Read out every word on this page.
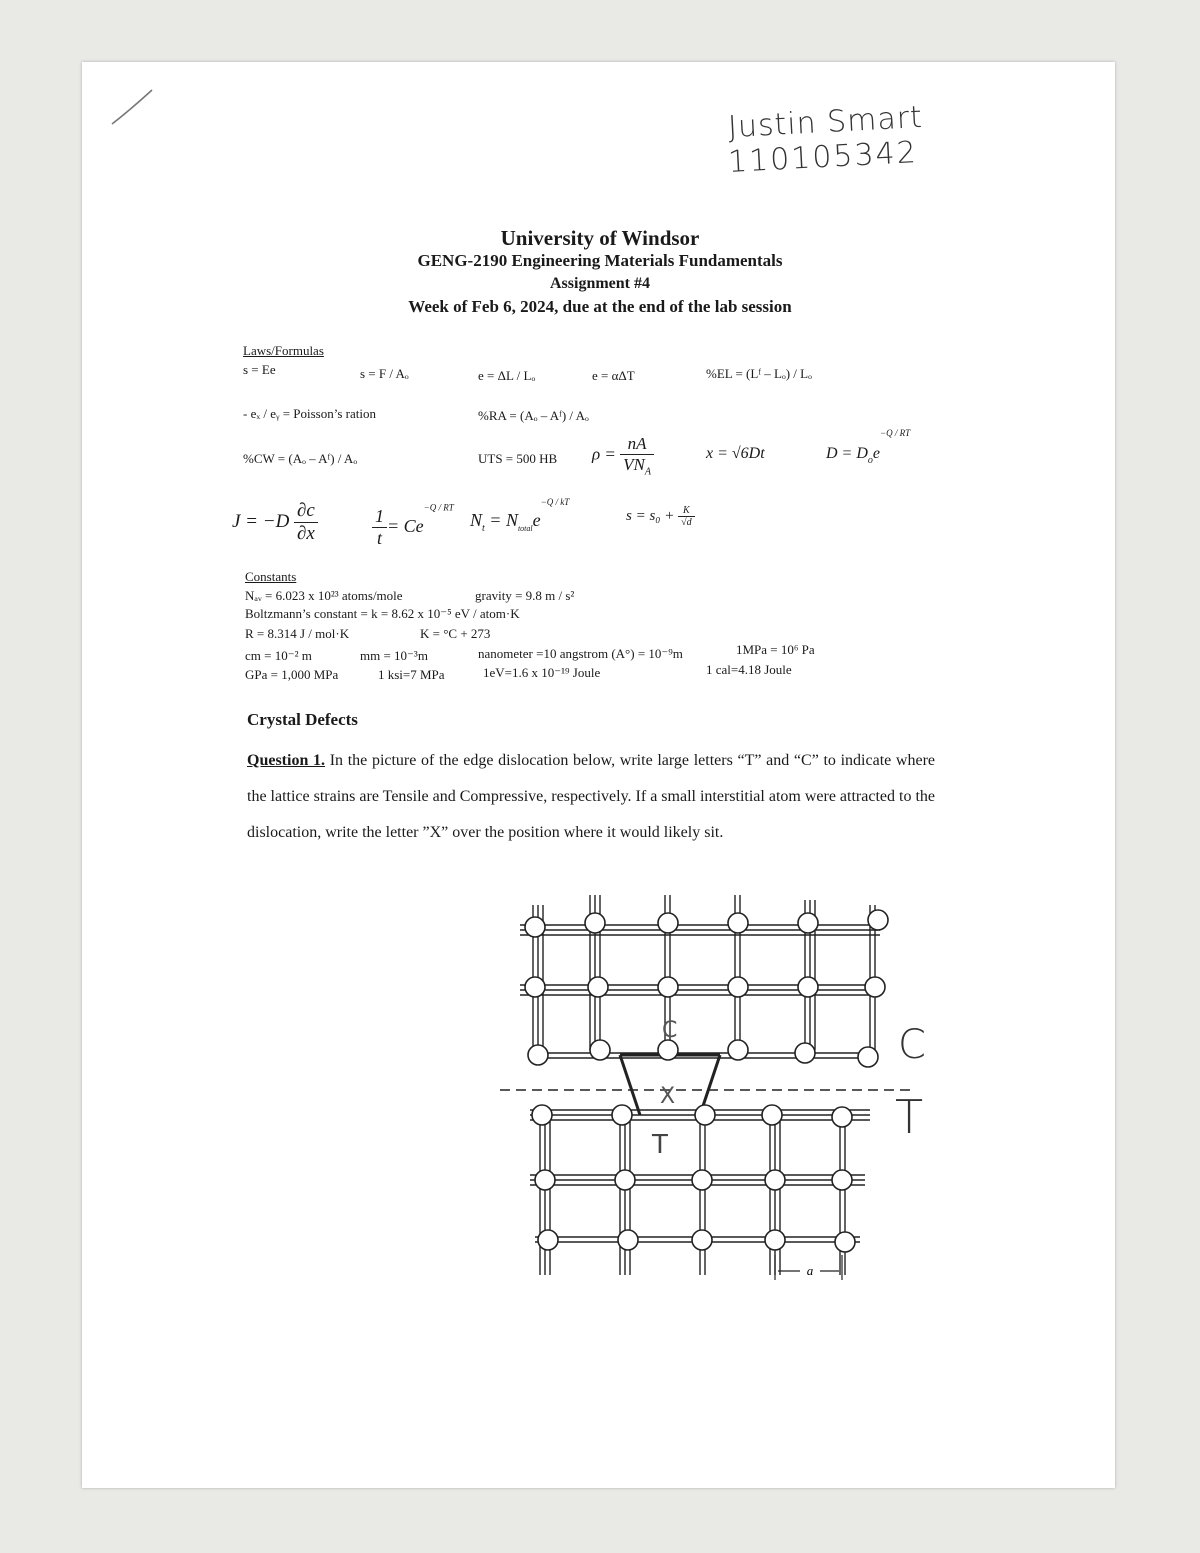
Justin Smart
110105342
University of Windsor
GENG-2190 Engineering Materials Fundamentals
Assignment #4
Week of Feb 6, 2024, due at the end of the lab session
Laws/Formulas
s = Ee	s = F / Aₒ	e = ΔL / Lₒ	e = αΔT	%EL = (Lᶠ – Lₒ) / Lₒ
- eₓ / eᵧ = Poisson’s ration	%RA = (Aₒ – Aᶠ) / Aₒ
%CW = (Aₒ – Aᶠ) / Aₒ	UTS = 500 HB $\rho = \frac{nA}{VN_A}$	x = √6Dt	$D = D_oe^{-Q / RT}$
$J = -D \frac{\partial c}{\partial x}$	$\frac{1}{t} = Ce^{-Q / RT}$
$N_t = N_{total}e^{-Q / kT}$
$s = s_0 + \frac{K}{√d}$
Constants
Nₐᵥ = 6.023 x 10²³ atoms/mole	gravity = 9.8 m / s²
Boltzmann’s constant = k = 8.62 x 10⁻⁵ eV / atom·K
R = 8.314 J / mol·K	K = °C + 273
cm = 10⁻² m	mm = 10⁻³m	nanometer =10 angstrom (A°) = 10⁻⁹m	1MPa = 10⁶ Pa
GPa = 1,000 MPa	1 ksi=7 MPa	1eV=1.6 x 10⁻¹⁹ Joule	1 cal=4.18 Joule
Crystal Defects
Question 1. In the picture of the edge dislocation below, write large letters “T” and “C” to indicate where the lattice strains are Tensile and Compressive, respectively. If a small interstitial atom were attracted to the dislocation, write the letter ”X” over the position where it would likely sit.
a
C
X
T
C
T
